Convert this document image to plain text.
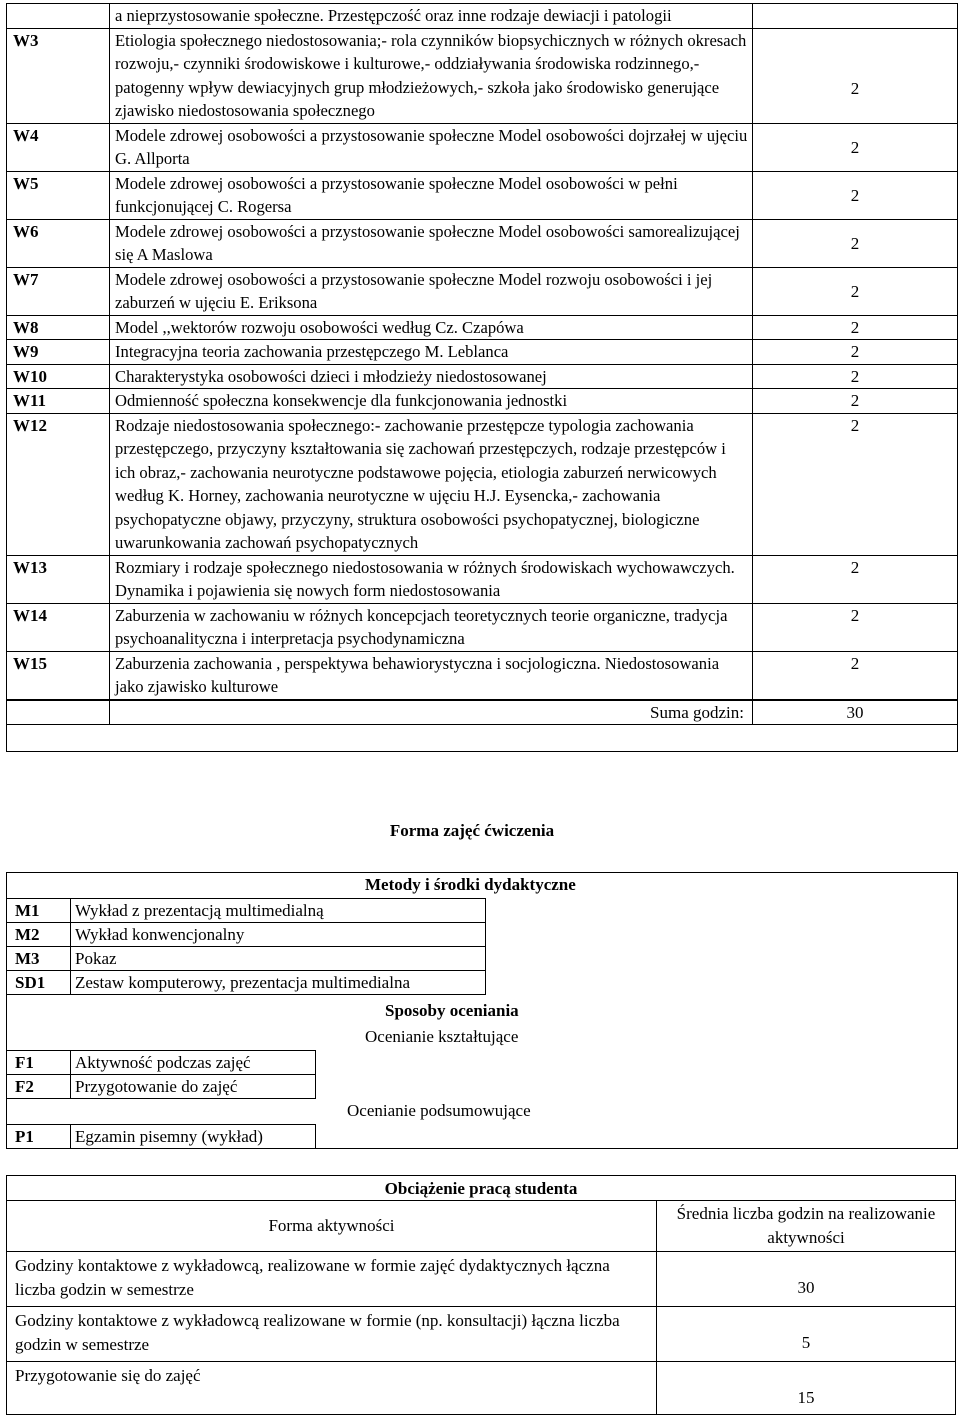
	a nieprzystosowanie społeczne. Przestępczość oraz inne rodzaje dewiacji i patologii	
W3	Etiologia społecznego niedostosowania;- rola czynników biopsychicznych w różnych okresach rozwoju,- czynniki środowiskowe i kulturowe,- oddziaływania środowiska rodzinnego,- patogenny wpływ dewiacyjnych grup młodzieżowych,- szkoła jako środowisko generujące zjawisko niedostosowania społecznego	2
W4	Modele zdrowej osobowości a przystosowanie społeczne Model osobowości dojrzałej w ujęciu G. Allporta	2
W5	Modele zdrowej osobowości a przystosowanie społeczne Model osobowości w pełni funkcjonującej C. Rogersa	2
W6	Modele zdrowej osobowości a przystosowanie społeczne Model osobowości samorealizującej się A Maslowa	2
W7	Modele zdrowej osobowości a przystosowanie społeczne Model rozwoju osobowości i jej zaburzeń w ujęciu E. Eriksona	2
W8	Model ,,wektorów rozwoju osobowości według Cz. Czapówa	2
W9	Integracyjna teoria zachowania przestępczego M. Leblanca	2
W10	Charakterystyka osobowości dzieci i młodzieży niedostosowanej	2
W11	Odmienność społeczna konsekwencje dla funkcjonowania jednostki	2
W12	Rodzaje niedostosowania społecznego:- zachowanie przestępcze typologia zachowania przestępczego, przyczyny kształtowania się zachowań przestępczych, rodzaje przestępców i ich obraz,- zachowania neurotyczne podstawowe pojęcia, etiologia zaburzeń nerwicowych według K. Horney, zachowania neurotyczne w ujęciu H.J. Eysencka,- zachowania psychopatyczne objawy, przyczyny, struktura osobowości psychopatycznej, biologiczne uwarunkowania zachowań psychopatycznych	2
W13	Rozmiary i rodzaje społecznego niedostosowania w różnych środowiskach wychowawczych. Dynamika i pojawienia się nowych form niedostosowania	2
W14	Zaburzenia w zachowaniu w różnych koncepcjach teoretycznych teorie organiczne, tradycja psychoanalityczna i interpretacja psychodynamiczna	2
W15	Zaburzenia zachowania , perspektywa behawiorystyczna i socjologiczna. Niedostosowania jako zjawisko kulturowe	2

	Suma godzin:	30

Forma zajęć ćwiczenia
Metody i środki dydaktyczne
M1	Wykład z prezentacją multimedialną
M2	Wykład konwencjonalny
M3	Pokaz
SD1	Zestaw komputerowy, prezentacja multimedialna
Sposoby oceniania
Ocenianie kształtujące
F1	Aktywność podczas zajęć
F2	Przygotowanie do zajęć
Ocenianie podsumowujące
P1	Egzamin pisemny (wykład)
Obciążenie pracą studenta	
Forma aktywności	Średnia liczba godzin na realizowanie aktywności
Godziny kontaktowe z wykładowcą, realizowane w formie zajęć dydaktycznych łączna liczba godzin w semestrze	30
Godziny kontaktowe z wykładowcą realizowane w formie (np. konsultacji) łączna liczba godzin w semestrze	5
Przygotowanie się do zajęć	15
